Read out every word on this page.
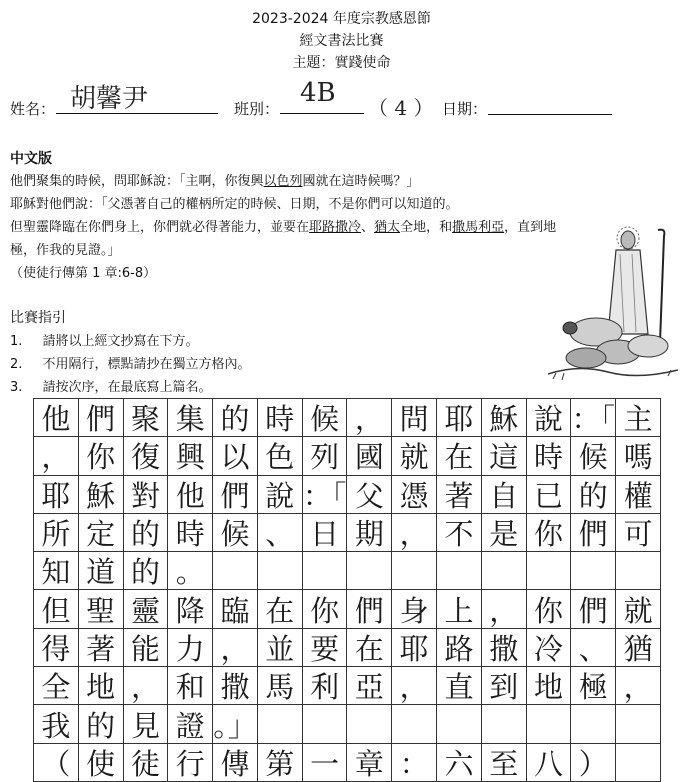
2023-2024 年度宗教感恩節
經文書法比賽
主題：實踐使命
姓名： 胡馨尹	班別：
4B	（ 4 ） 日期：
中文版
他們聚集的時候，問耶穌說：「主啊，你復興以色列國就在這時候嗎？」
耶穌對他們說：「父憑著自己的權柄所定的時候、日期，不是你們可以知道的。
但聖靈降臨在你們身上，你們就必得著能力，並要在耶路撒冷、猶太全地，和撒馬利亞，直到地
極，作我的見證。」
（使徒行傳第 1 章:6-8）
比賽指引
1. 請將以上經文抄寫在下方。
2. 不用隔行，標點請抄在獨立方格內。
3. 請按次序，在最底寫上篇名。
他 們 聚 集 的 時 候 ， 問 耶 穌 說 ：「 主
， 你 復 興 以 色 列 國 就 在 這 時 候 嗎
耶 穌 對 他 們 說 ：「 父 憑 著 自 已 的 權
所 定 的 時 候 、 日 期 ， 不 是 你 們 可
知 道 的 。
但 聖 靈 降 臨 在 你 們 身 上 ， 你 們 就
得 著 能 力 ， 並 要 在 耶 路 撒 冷 、 猶
全 地 ， 和 撒 馬 利 亞 ， 直 到 地 極 ，
我 的 見 證 。」
（ 使 徒 行 傳 第 一 章 ： 六 至 八 ）
